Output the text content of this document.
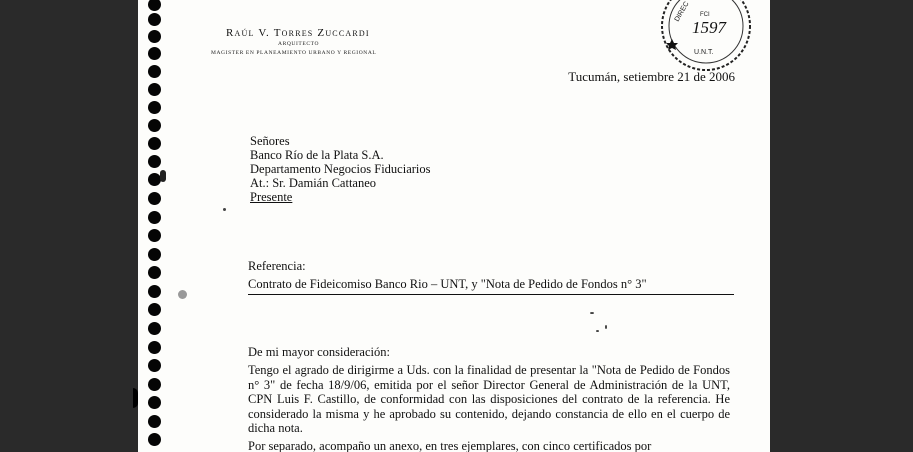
Raúl V. Torres Zuccardi
ARQUITECTO
MAGISTER EN PLANEAMIENTO URBANO Y REGIONAL
DIREC FCI
1597
U.N.T.
Tucumán, setiembre 21 de 2006
Señores
Banco Río de la Plata S.A.
Departamento Negocios Fiduciarios
At.: Sr. Damián Cattaneo
Presente
Referencia:
Contrato de Fideicomiso Banco Rio – UNT, y "Nota de Pedido de Fondos n° 3"
De mi mayor consideración:

Tengo el agrado de dirigirme a Uds. con la finalidad de presentar la "Nota de Pedido de Fondos n° 3" de fecha 18/9/06, emitida por el señor Director General de Administración de la UNT, CPN Luis F. Castillo, de conformidad con las disposiciones del contrato de la referencia. He considerado la misma y he aprobado su contenido, dejando constancia de ello en el cuerpo de dicha nota.

Por separado, acompaño un anexo, en tres ejemplares, con cinco certificados por
